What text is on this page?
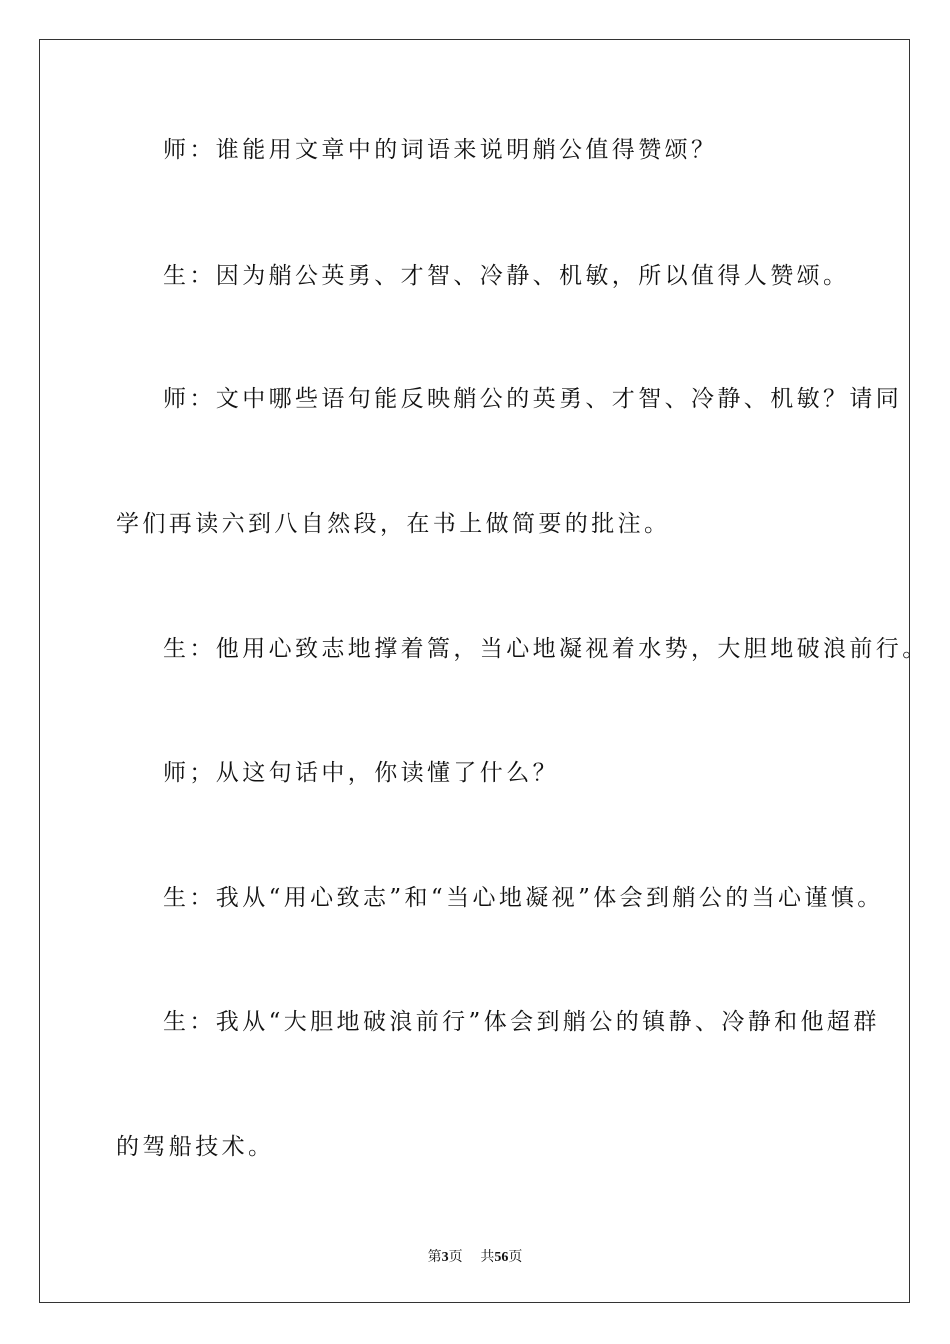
师：谁能用文章中的词语来说明艄公值得赞颂？

生：因为艄公英勇、才智、冷静、机敏，所以值得人赞颂。

师：文中哪些语句能反映艄公的英勇、才智、冷静、机敏？请同

学们再读六到八自然段，在书上做简要的批注。

生：他用心致志地撑着篙，当心地凝视着水势，大胆地破浪前行。

师；从这句话中，你读懂了什么？

生：我从“用心致志”和“当心地凝视”体会到艄公的当心谨慎。

生：我从“大胆地破浪前行”体会到艄公的镇静、冷静和他超群

的驾船技术。

第3页 共56页
